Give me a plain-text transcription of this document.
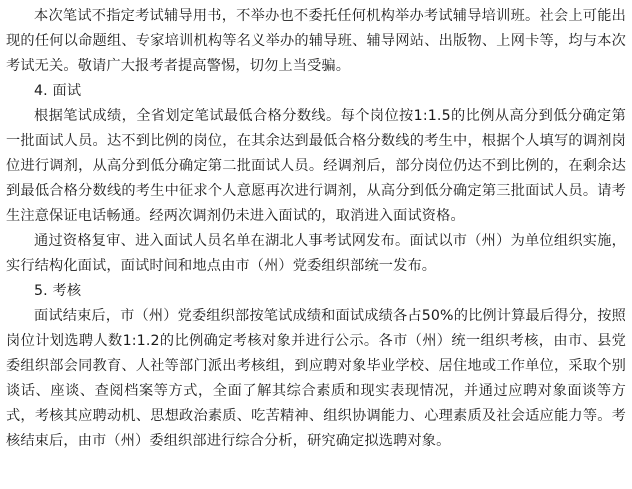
本次笔试不指定考试辅导用书，不举办也不委托任何机构举办考试辅导培训班。社会上可能出现的任何以命题组、专家培训机构等名义举办的辅导班、辅导网站、出版物、上网卡等，均与本次考试无关。敬请广大报考者提高警惕，切勿上当受骗。

4. 面试

根据笔试成绩，全省划定笔试最低合格分数线。每个岗位按1:1.5的比例从高分到低分确定第一批面试人员。达不到比例的岗位，在其余达到最低合格分数线的考生中，根据个人填写的调剂岗位进行调剂，从高分到低分确定第二批面试人员。经调剂后，部分岗位仍达不到比例的，在剩余达到最低合格分数线的考生中征求个人意愿再次进行调剂，从高分到低分确定第三批面试人员。请考生注意保证电话畅通。经两次调剂仍未进入面试的，取消进入面试资格。

通过资格复审、进入面试人员名单在湖北人事考试网发布。面试以市（州）为单位组织实施，实行结构化面试，面试时间和地点由市（州）党委组织部统一发布。

5. 考核

面试结束后，市（州）党委组织部按笔试成绩和面试成绩各占50%的比例计算最后得分，按照岗位计划选聘人数1:1.2的比例确定考核对象并进行公示。各市（州）统一组织考核，由市、县党委组织部会同教育、人社等部门派出考核组，到应聘对象毕业学校、居住地或工作单位，采取个别谈话、座谈、查阅档案等方式，全面了解其综合素质和现实表现情况，并通过应聘对象面谈等方式，考核其应聘动机、思想政治素质、吃苦精神、组织协调能力、心理素质及社会适应能力等。考核结束后，由市（州）委组织部进行综合分析，研究确定拟选聘对象。
